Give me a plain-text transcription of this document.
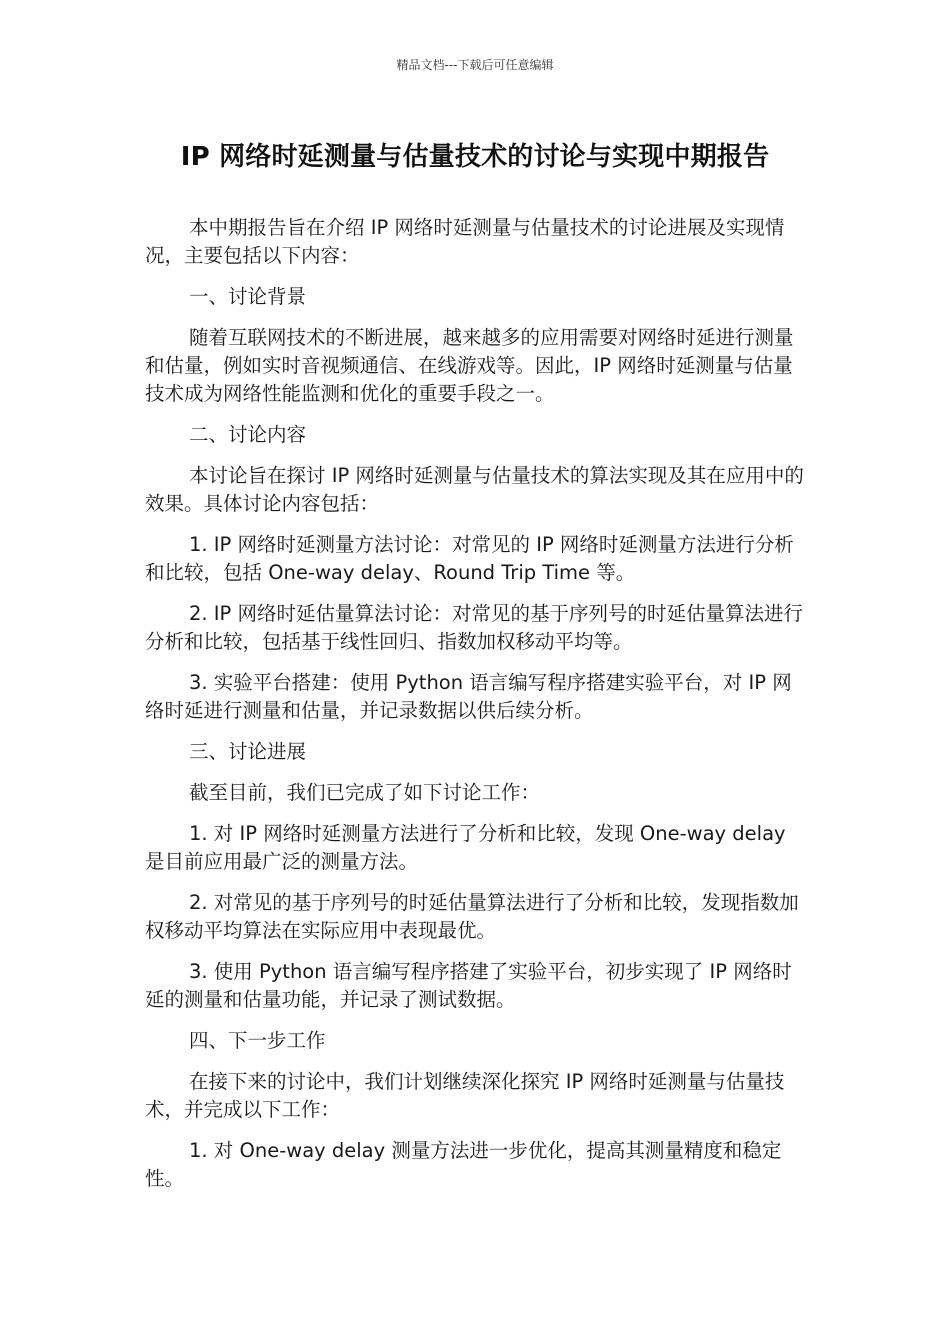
精品文档---下载后可任意编辑
IP 网络时延测量与估量技术的讨论与实现中期报告

本中期报告旨在介绍 IP 网络时延测量与估量技术的讨论进展及实现情况，主要包括以下内容：

一、讨论背景

随着互联网技术的不断进展，越来越多的应用需要对网络时延进行测量和估量，例如实时音视频通信、在线游戏等。因此，IP 网络时延测量与估量技术成为网络性能监测和优化的重要手段之一。

二、讨论内容

本讨论旨在探讨 IP 网络时延测量与估量技术的算法实现及其在应用中的效果。具体讨论内容包括：

1. IP 网络时延测量方法讨论：对常见的 IP 网络时延测量方法进行分析和比较，包括 One-way delay、Round Trip Time 等。

2. IP 网络时延估量算法讨论：对常见的基于序列号的时延估量算法进行分析和比较，包括基于线性回归、指数加权移动平均等。

3. 实验平台搭建：使用 Python 语言编写程序搭建实验平台，对 IP 网络时延进行测量和估量，并记录数据以供后续分析。

三、讨论进展

截至目前，我们已完成了如下讨论工作：

1. 对 IP 网络时延测量方法进行了分析和比较，发现 One-way delay 是目前应用最广泛的测量方法。

2. 对常见的基于序列号的时延估量算法进行了分析和比较，发现指数加权移动平均算法在实际应用中表现最优。

3. 使用 Python 语言编写程序搭建了实验平台，初步实现了 IP 网络时延的测量和估量功能，并记录了测试数据。

四、下一步工作

在接下来的讨论中，我们计划继续深化探究 IP 网络时延测量与估量技术，并完成以下工作：

1. 对 One-way delay 测量方法进一步优化，提高其测量精度和稳定性。
